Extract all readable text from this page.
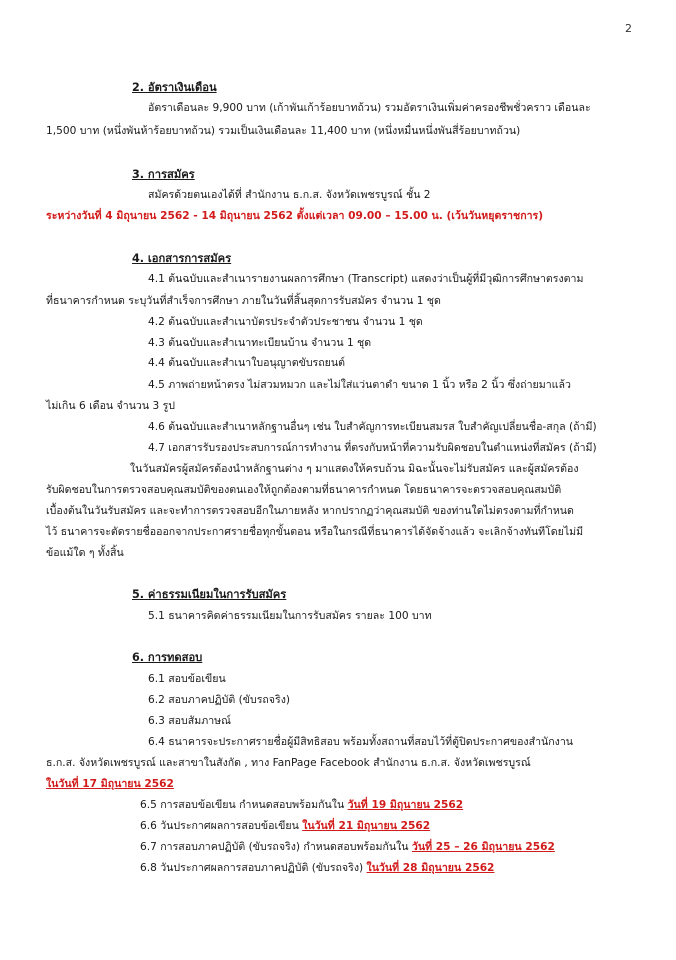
2
2. อัตราเงินเดือน
อัตราเดือนละ 9,900 บาท (เก้าพันเก้าร้อยบาทถ้วน) รวมอัตราเงินเพิ่มค่าครองชีพชั่วคราว เดือนละ
1,500 บาท (หนึ่งพันห้าร้อยบาทถ้วน) รวมเป็นเงินเดือนละ 11,400 บาท (หนึ่งหมื่นหนึ่งพันสี่ร้อยบาทถ้วน)
3. การสมัคร
สมัครด้วยตนเองได้ที่ สำนักงาน ธ.ก.ส. จังหวัดเพชรบูรณ์ ชั้น 2
ระหว่างวันที่ 4 มิถุนายน 2562 - 14 มิถุนายน 2562 ตั้งแต่เวลา 09.00 – 15.00 น. (เว้นวันหยุดราชการ)
4. เอกสารการสมัคร
4.1 ต้นฉบับและสำเนารายงานผลการศึกษา (Transcript) แสดงว่าเป็นผู้ที่มีวุฒิการศึกษาตรงตาม
ที่ธนาคารกำหนด ระบุวันที่สำเร็จการศึกษา ภายในวันที่สิ้นสุดการรับสมัคร จำนวน 1 ชุด
4.2 ต้นฉบับและสำเนาบัตรประจำตัวประชาชน จำนวน 1 ชุด
4.3 ต้นฉบับและสำเนาทะเบียนบ้าน จำนวน 1 ชุด
4.4 ต้นฉบับและสำเนาใบอนุญาตขับรถยนต์
4.5 ภาพถ่ายหน้าตรง ไม่สวมหมวก และไม่ใส่แว่นตาดำ ขนาด 1 นิ้ว หรือ 2 นิ้ว ซึ่งถ่ายมาแล้ว
ไม่เกิน 6 เดือน จำนวน 3 รูป
4.6 ต้นฉบับและสำเนาหลักฐานอื่นๆ เช่น ใบสำคัญการทะเบียนสมรส ใบสำคัญเปลี่ยนชื่อ-สกุล (ถ้ามี)
4.7 เอกสารรับรองประสบการณ์การทำงาน ที่ตรงกับหน้าที่ความรับผิดชอบในตำแหน่งที่สมัคร (ถ้ามี)
ในวันสมัครผู้สมัครต้องนำหลักฐานต่าง ๆ มาแสดงให้ครบถ้วน มิฉะนั้นจะไม่รับสมัคร และผู้สมัครต้อง
รับผิดชอบในการตรวจสอบคุณสมบัติของตนเองให้ถูกต้องตามที่ธนาคารกำหนด โดยธนาคารจะตรวจสอบคุณสมบัติ
เบื้องต้นในวันรับสมัคร และจะทำการตรวจสอบอีกในภายหลัง หากปรากฏว่าคุณสมบัติ ของท่านใดไม่ตรงตามที่กำหนด
ไว้ ธนาคารจะตัดรายชื่อออกจากประกาศรายชื่อทุกขั้นตอน หรือในกรณีที่ธนาคารได้จัดจ้างแล้ว จะเลิกจ้างทันทีโดยไม่มี
ข้อแม้ใด ๆ ทั้งสิ้น
5. ค่าธรรมเนียมในการรับสมัคร
5.1 ธนาคารคิดค่าธรรมเนียมในการรับสมัคร รายละ 100 บาท
6. การทดสอบ
6.1 สอบข้อเขียน
6.2 สอบภาคปฏิบัติ (ขับรถจริง)
6.3 สอบสัมภาษณ์
6.4 ธนาคารจะประกาศรายชื่อผู้มีสิทธิสอบ พร้อมทั้งสถานที่สอบไว้ที่ตู้ปิดประกาศของสำนักงาน
ธ.ก.ส. จังหวัดเพชรบูรณ์ และสาขาในสังกัด , ทาง FanPage Facebook สำนักงาน ธ.ก.ส. จังหวัดเพชรบูรณ์
ในวันที่ 17 มิถุนายน 2562
6.5 การสอบข้อเขียน กำหนดสอบพร้อมกันใน วันที่ 19 มิถุนายน 2562
6.6 วันประกาศผลการสอบข้อเขียน ในวันที่ 21 มิถุนายน 2562
6.7 การสอบภาคปฏิบัติ (ขับรถจริง) กำหนดสอบพร้อมกันใน วันที่ 25 – 26 มิถุนายน 2562
6.8 วันประกาศผลการสอบภาคปฏิบัติ (ขับรถจริง) ในวันที่ 28 มิถุนายน 2562
